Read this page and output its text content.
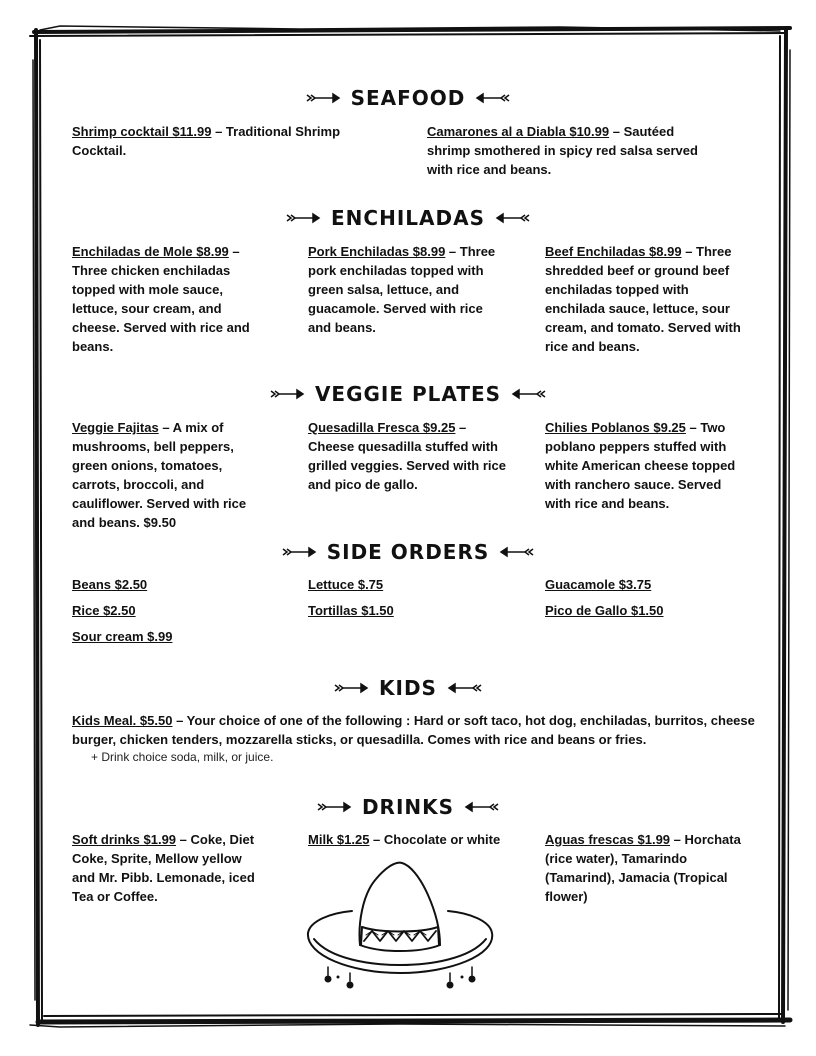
SEAFOOD
Shrimp cocktail $11.99 – Traditional Shrimp Cocktail.
Camarones al a Diabla $10.99 – Sautéed shrimp smothered in spicy red salsa served with rice and beans.
ENCHILADAS
Enchiladas de Mole $8.99 – Three chicken enchiladas topped with mole sauce, lettuce, sour cream, and cheese. Served with rice and beans.
Pork Enchiladas $8.99 – Three pork enchiladas topped with green salsa, lettuce, and guacamole. Served with rice and beans.
Beef Enchiladas $8.99 – Three shredded beef or ground beef enchiladas topped with enchilada sauce, lettuce, sour cream, and tomato. Served with rice and beans.
VEGGIE PLATES
Veggie Fajitas – A mix of mushrooms, bell peppers, green onions, tomatoes, carrots, broccoli, and cauliflower. Served with rice and beans. $9.50
Quesadilla Fresca $9.25 – Cheese quesadilla stuffed with grilled veggies. Served with rice and pico de gallo.
Chilies Poblanos $9.25 – Two poblano peppers stuffed with white American cheese topped with ranchero sauce. Served with rice and beans.
SIDE ORDERS
Beans $2.50
Rice $2.50
Sour cream $.99
Lettuce $.75
Tortillas $1.50
Guacamole $3.75
Pico de Gallo $1.50
KIDS
Kids Meal. $5.50 – Your choice of one of the following : Hard or soft taco, hot dog, enchiladas, burritos, cheese burger, chicken tenders, mozzarella sticks, or quesadilla. Comes with rice and beans or fries.
+ Drink choice soda, milk, or juice.
DRINKS
Soft drinks $1.99 – Coke, Diet Coke, Sprite, Mellow yellow and Mr. Pibb. Lemonade, iced Tea or Coffee.
Milk $1.25 – Chocolate or white	Aguas frescas $1.99 – Horchata (rice water), Tamarindo (Tamarind), Jamacia (Tropical flower)
